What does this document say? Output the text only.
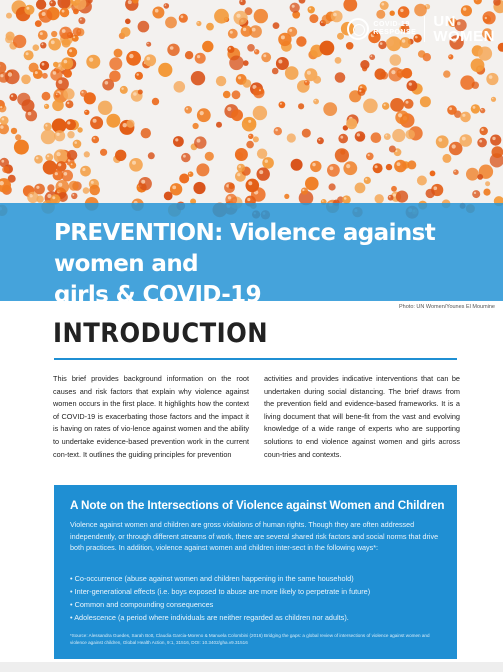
COVID-19
RESPONSE
UN
WOMEN
PREVENTION: Violence against women and
girls & COVID-19	Photo: UN Women/Younes El Moumine
INTRODUCTION
This brief provides background information on the root causes and risk factors that explain why violence against women occurs in the first place. It highlights how the context of COVID-19 is exacerbating those factors and the impact it is having on rates of vio-lence against women and the ability to undertake evidence-based prevention work in the current con-text. It outlines the guiding principles for prevention
activities and provides indicative interventions that can be undertaken during social distancing. The brief draws from the prevention field and evidence-based frameworks. It is a living document that will bene-fit from the vast and evolving knowledge of a wide range of experts who are supporting solutions to end violence against women and girls across coun-tries and contexts.
A Note on the Intersections of Violence against Women and Children
Violence against women and children are gross violations of human rights. Though they are often addressed independently, or through different streams of work, there are several shared risk factors and social norms that drive both practices. In addition, violence against women and children inter-sect in the following ways*:
• Co-occurrence (abuse against women and children happening in the same household)
• Inter-generational effects (i.e. boys exposed to abuse are more likely to perpetrate in future)
• Common and compounding consequences
• Adolescence (a period where individuals are neither regarded as children nor adults).
*Source: Alessandra Guedes, Sarah Bott, Claudia Garcia-Moreno & Manuela Colombini (2016) Bridging the gaps: a global review of intersections of violence against women and violence against children, Global Health Action, 9:1, 31516, DOI: 10.3402/gha.v9.31516
